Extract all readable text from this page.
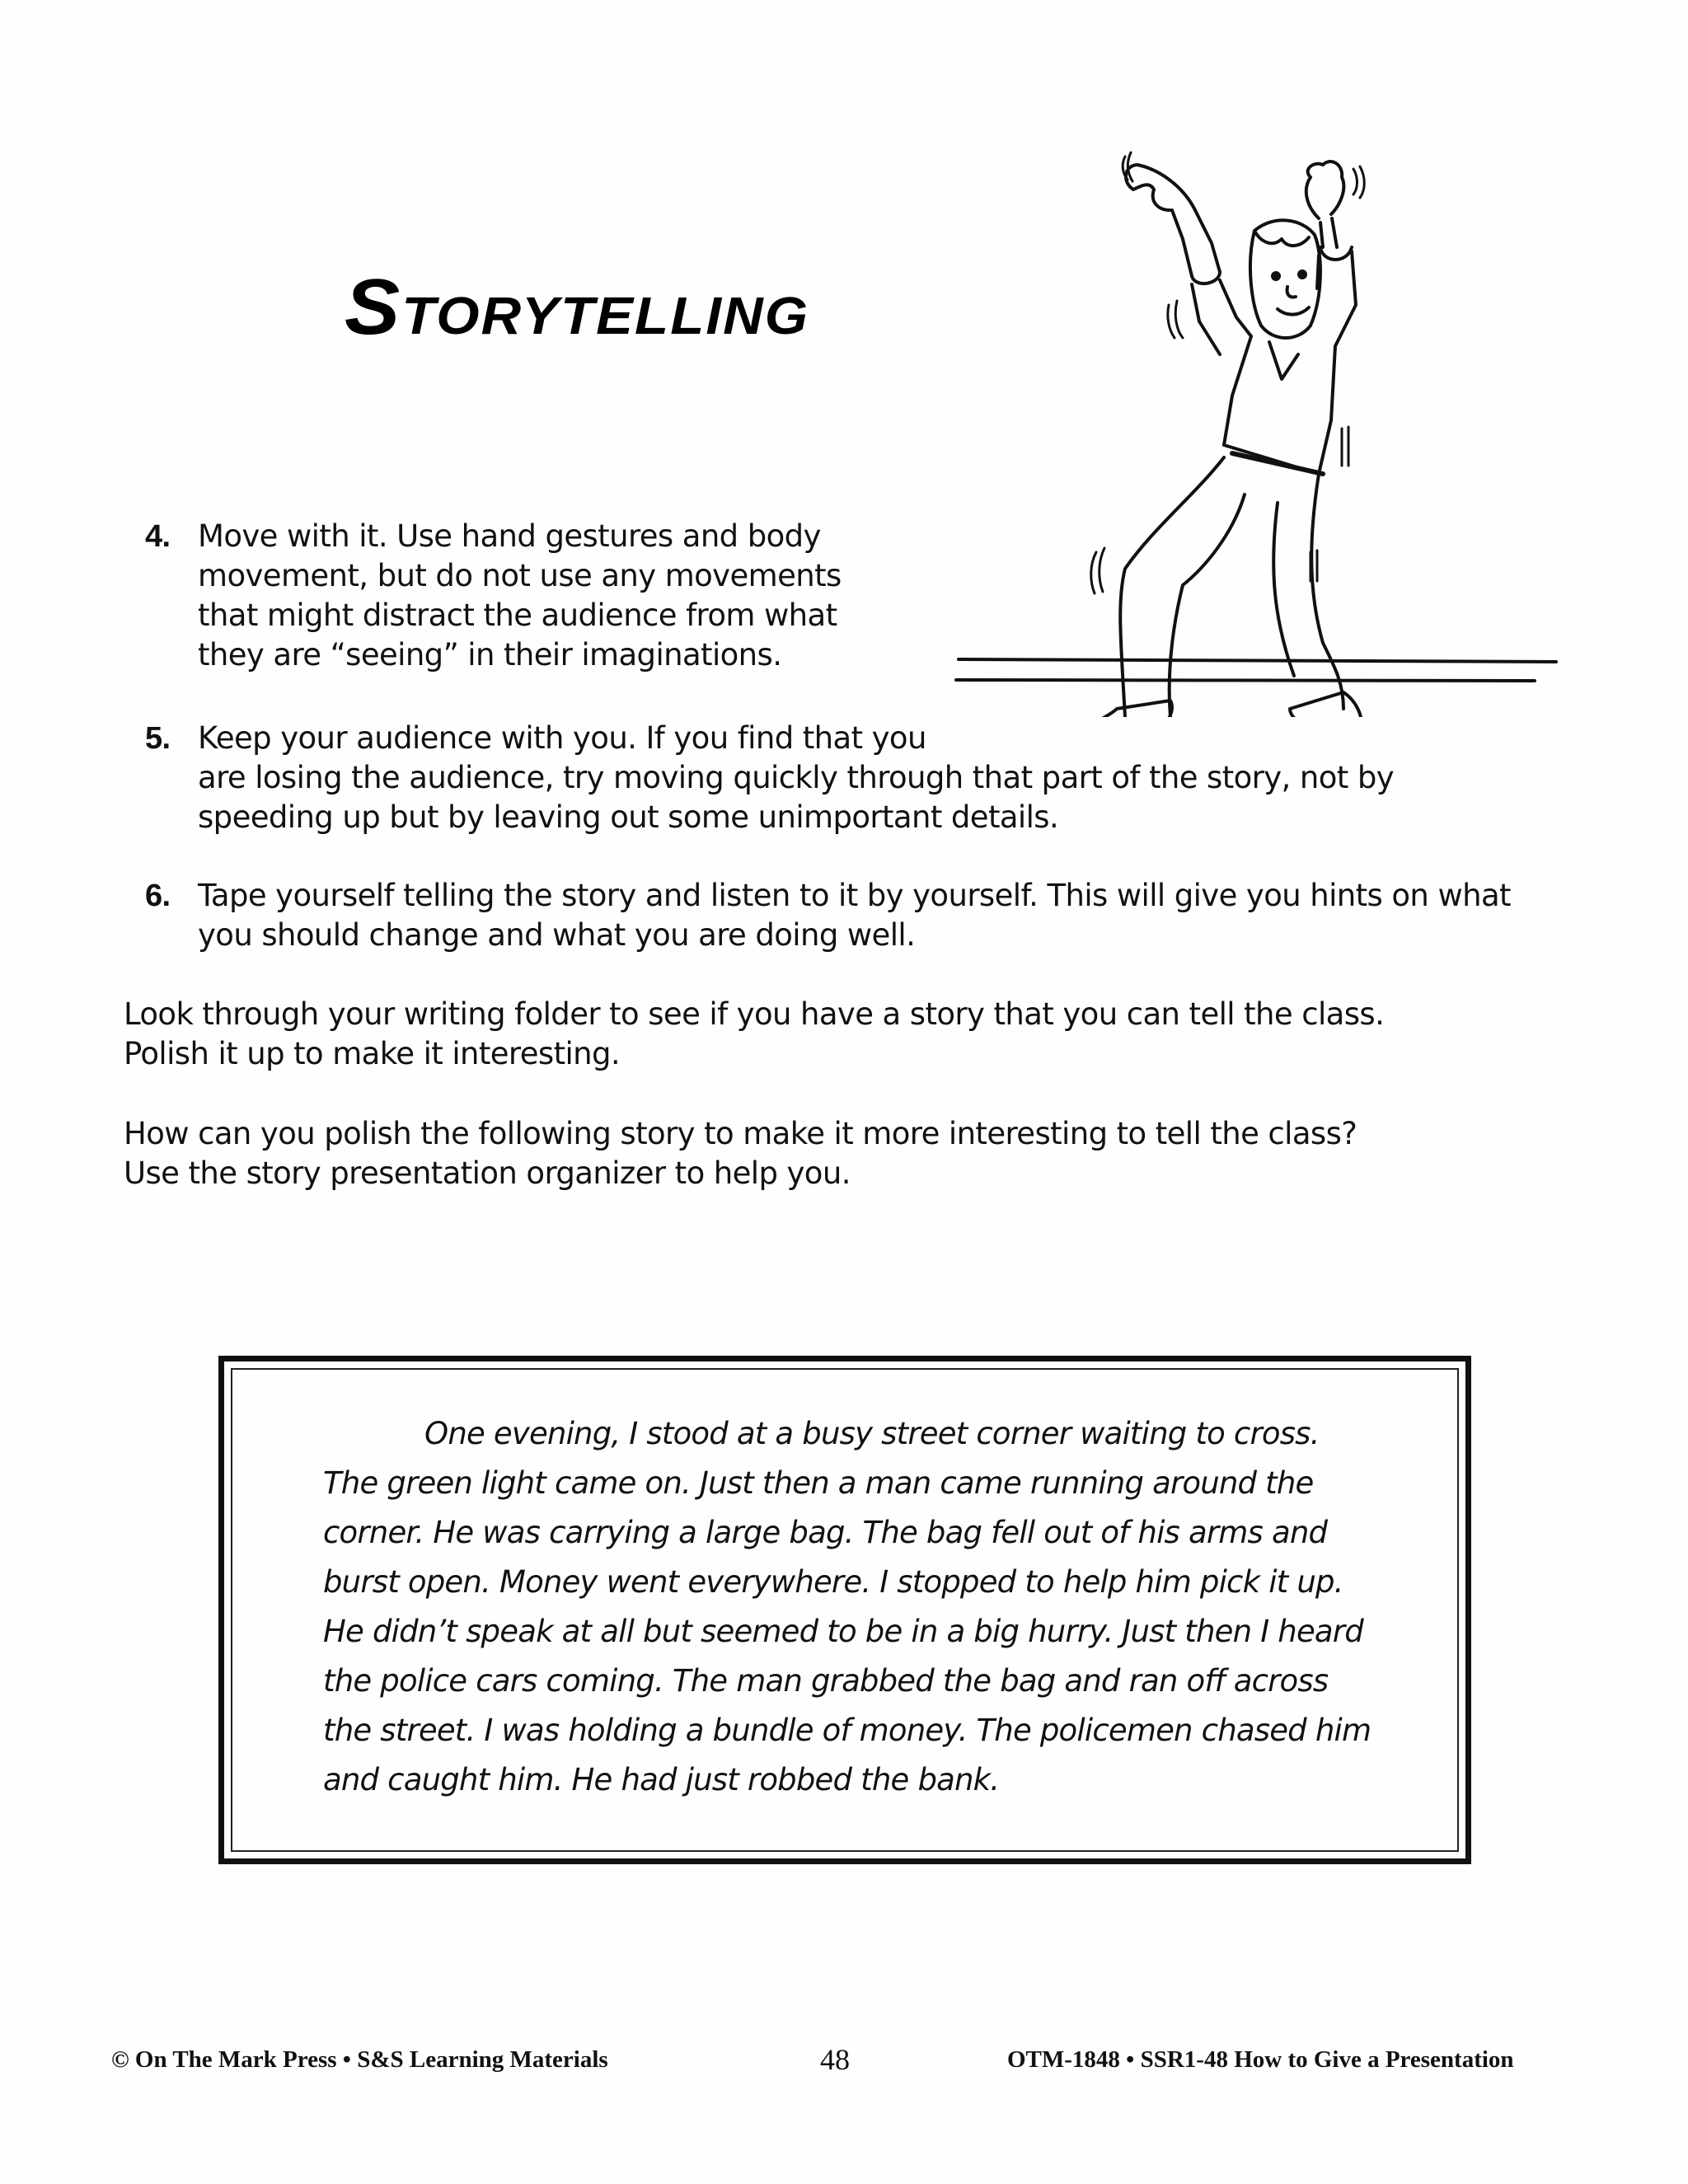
STORYTELLING
4. Move with it. Use hand gestures and body
movement, but do not use any movements
that might distract the audience from what
they are “seeing” in their imaginations.
5. Keep your audience with you. If you find that you
are losing the audience, try moving quickly through that part of the story, not by
speeding up but by leaving out some unimportant details.
6. Tape yourself telling the story and listen to it by yourself. This will give you hints on what
you should change and what you are doing well.
Look through your writing folder to see if you have a story that you can tell the class.
Polish it up to make it interesting.
How can you polish the following story to make it more interesting to tell the class?
Use the story presentation organizer to help you.
One evening, I stood at a busy street corner waiting to cross.
The green light came on. Just then a man came running around the
corner. He was carrying a large bag. The bag fell out of his arms and
burst open. Money went everywhere. I stopped to help him pick it up.
He didn’t speak at all but seemed to be in a big hurry. Just then I heard
the police cars coming. The man grabbed the bag and ran off across
the street. I was holding a bundle of money. The policemen chased him
and caught him. He had just robbed the bank.
© On The Mark Press • S&S Learning Materials	48	OTM-1848 • SSR1-48 How to Give a Presentation
